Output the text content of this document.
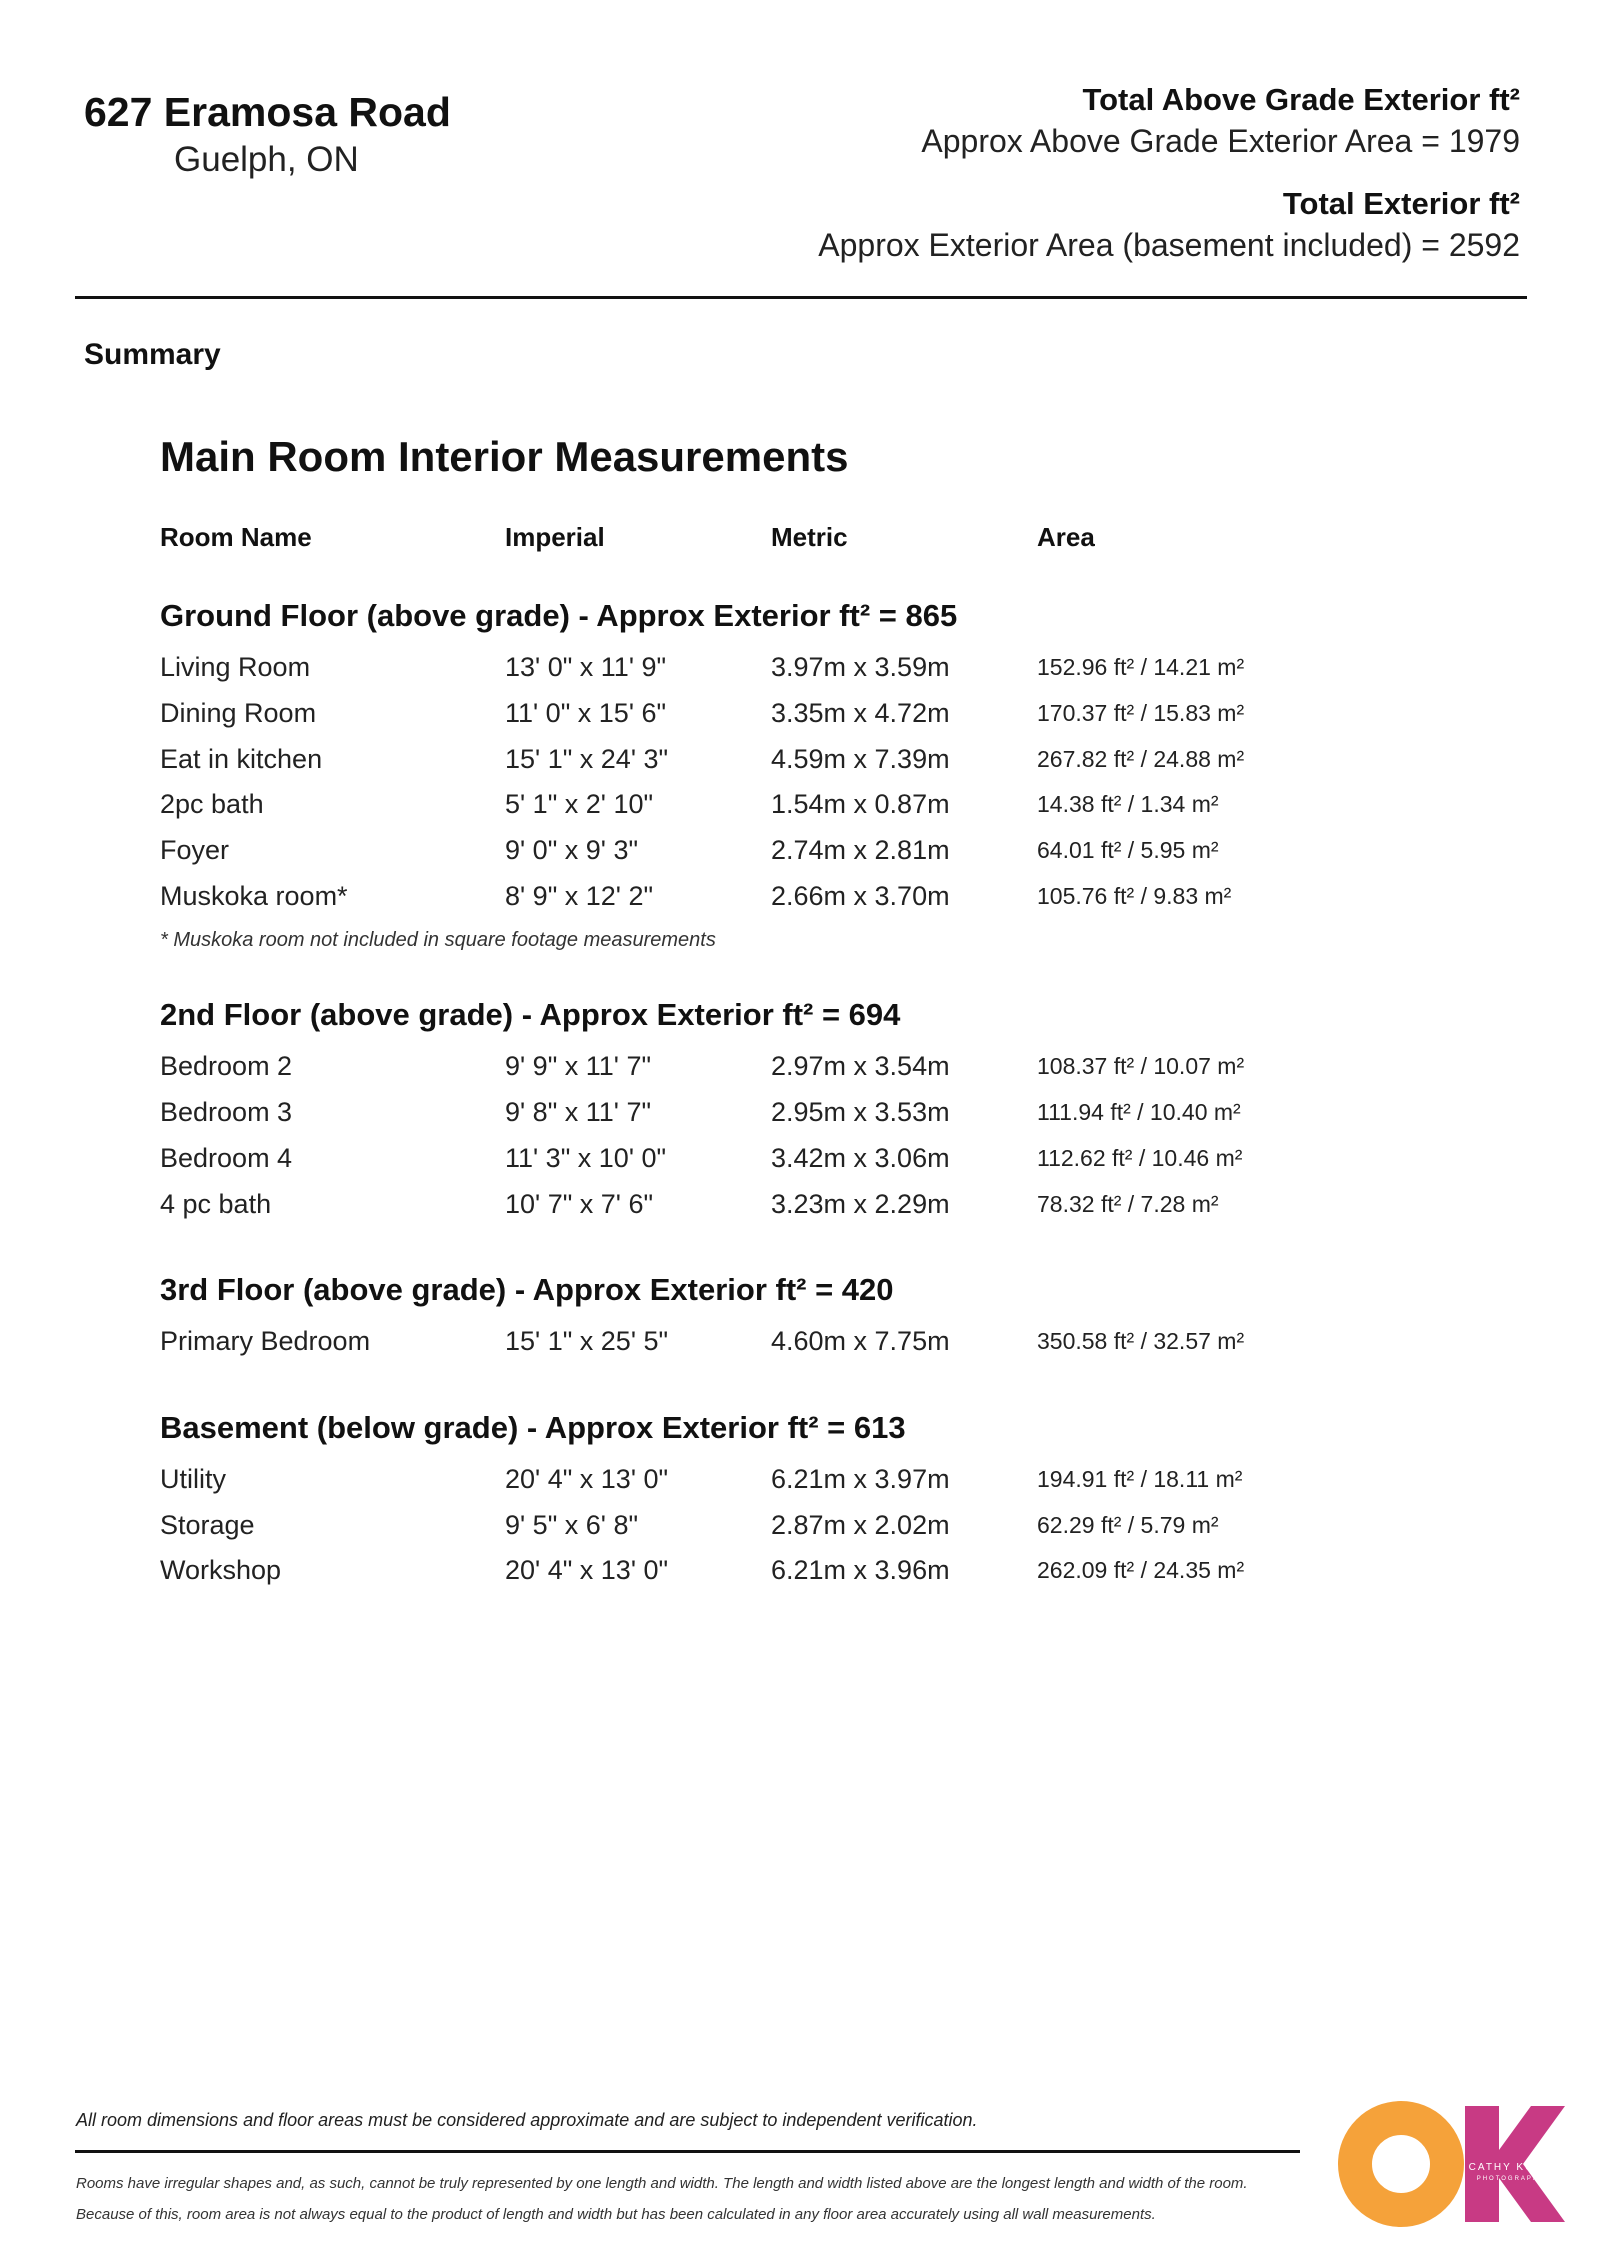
627 Eramosa Road
Guelph, ON
Total Above Grade Exterior ft²
Approx Above Grade Exterior Area = 1979
Total Exterior ft²
Approx Exterior Area (basement included) = 2592
Summary
Main Room Interior Measurements
Room Name	Imperial	Metric	Area
Ground Floor (above grade) - Approx Exterior ft² = 865
Living Room	13' 0" x 11' 9"	3.97m x 3.59m	152.96 ft² / 14.21 m²
Dining Room	11' 0" x 15' 6"	3.35m x 4.72m	170.37 ft² / 15.83 m²
Eat in kitchen	15' 1" x 24' 3"	4.59m x 7.39m	267.82 ft² / 24.88 m²
2pc bath	5' 1" x 2' 10"	1.54m x 0.87m	14.38 ft² / 1.34 m²
Foyer	9' 0" x 9' 3"	2.74m x 2.81m	64.01 ft² / 5.95 m²
Muskoka room*	8' 9" x 12' 2"	2.66m x 3.70m	105.76 ft² / 9.83 m²
* Muskoka room not included in square footage measurements
2nd Floor (above grade) - Approx Exterior ft² = 694
Bedroom 2	9' 9" x 11' 7"	2.97m x 3.54m	108.37 ft² / 10.07 m²
Bedroom 3	9' 8" x 11' 7"	2.95m x 3.53m	111.94 ft² / 10.40 m²
Bedroom 4	11' 3" x 10' 0"	3.42m x 3.06m	112.62 ft² / 10.46 m²
4 pc bath	10' 7" x 7' 6"	3.23m x 2.29m	78.32 ft² / 7.28 m²
3rd Floor (above grade) - Approx Exterior ft² = 420
Primary Bedroom	15' 1" x 25' 5"	4.60m x 7.75m	350.58 ft² / 32.57 m²
Basement (below grade) - Approx Exterior ft² = 613
Utility	20' 4" x 13' 0"	6.21m x 3.97m	194.91 ft² / 18.11 m²
Storage	9' 5" x 6' 8"	2.87m x 2.02m	62.29 ft² / 5.79 m²
Workshop	20' 4" x 13' 0"	6.21m x 3.96m	262.09 ft² / 24.35 m²
All room dimensions and floor areas must be considered approximate and are subject to independent verification.
Rooms have irregular shapes and, as such, cannot be truly represented by one length and width. The length and width listed above are the longest length and width of the room.
Because of this, room area is not always equal to the product of length and width but has been calculated in any floor area accurately using all wall measurements.
CATHY KOOP
PHOTOGRAPHY
